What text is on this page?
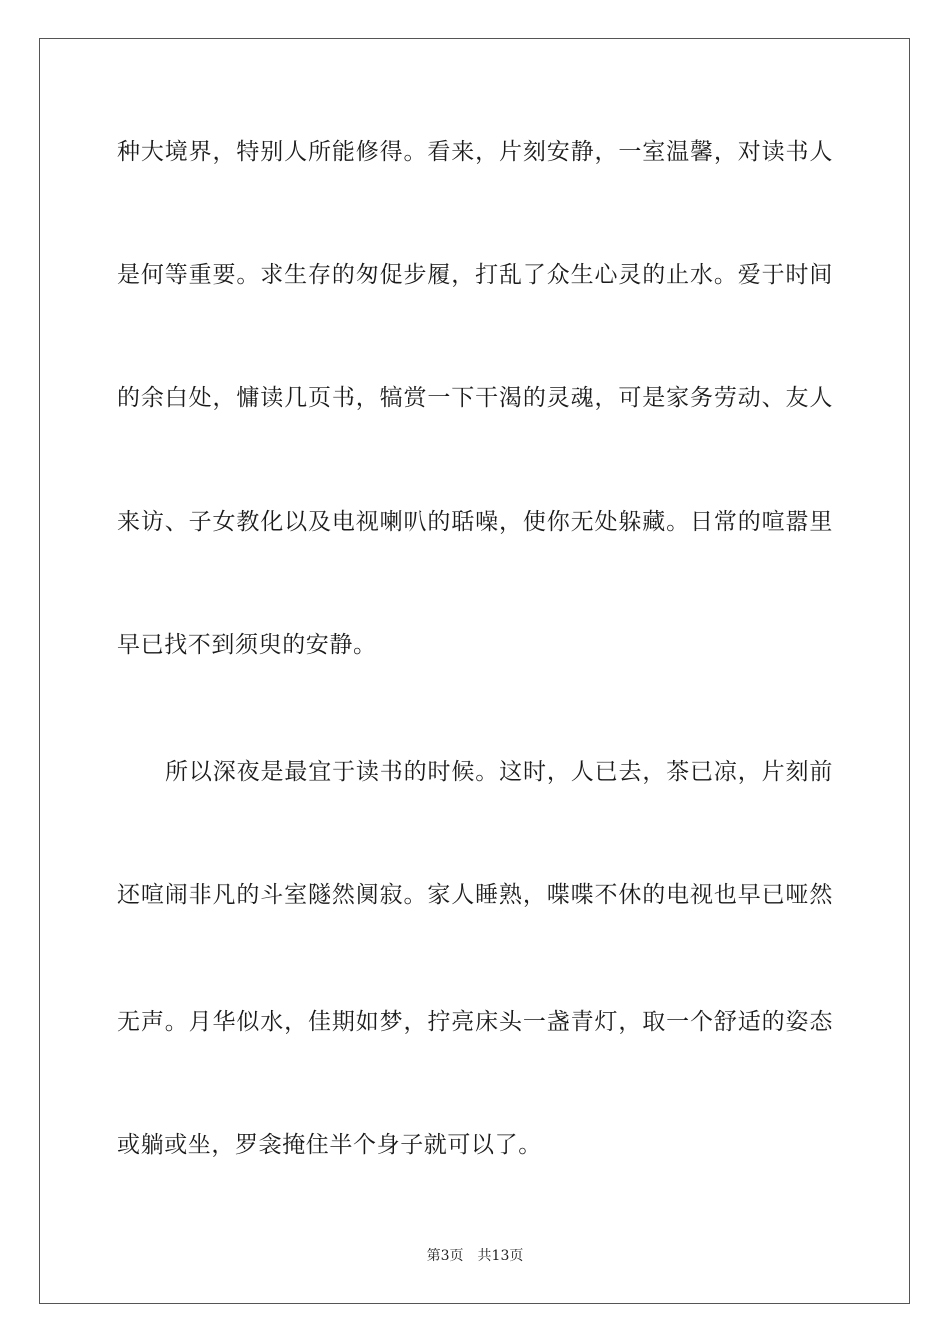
种大境界，特别人所能修得。看来，片刻安静，一室温馨，对读书人
是何等重要。求生存的匆促步履，打乱了众生心灵的止水。爱于时间
的余白处，慵读几页书，犒赏一下干渴的灵魂，可是家务劳动、友人
来访、子女教化以及电视喇叭的聒噪，使你无处躲藏。日常的喧嚣里
早已找不到须臾的安静。
所以深夜是最宜于读书的时候。这时，人已去，茶已凉，片刻前
还喧闹非凡的斗室隧然阒寂。家人睡熟，喋喋不休的电视也早已哑然
无声。月华似水，佳期如梦，拧亮床头一盏青灯，取一个舒适的姿态
或躺或坐，罗衾掩住半个身子就可以了。
第3页 共13页
